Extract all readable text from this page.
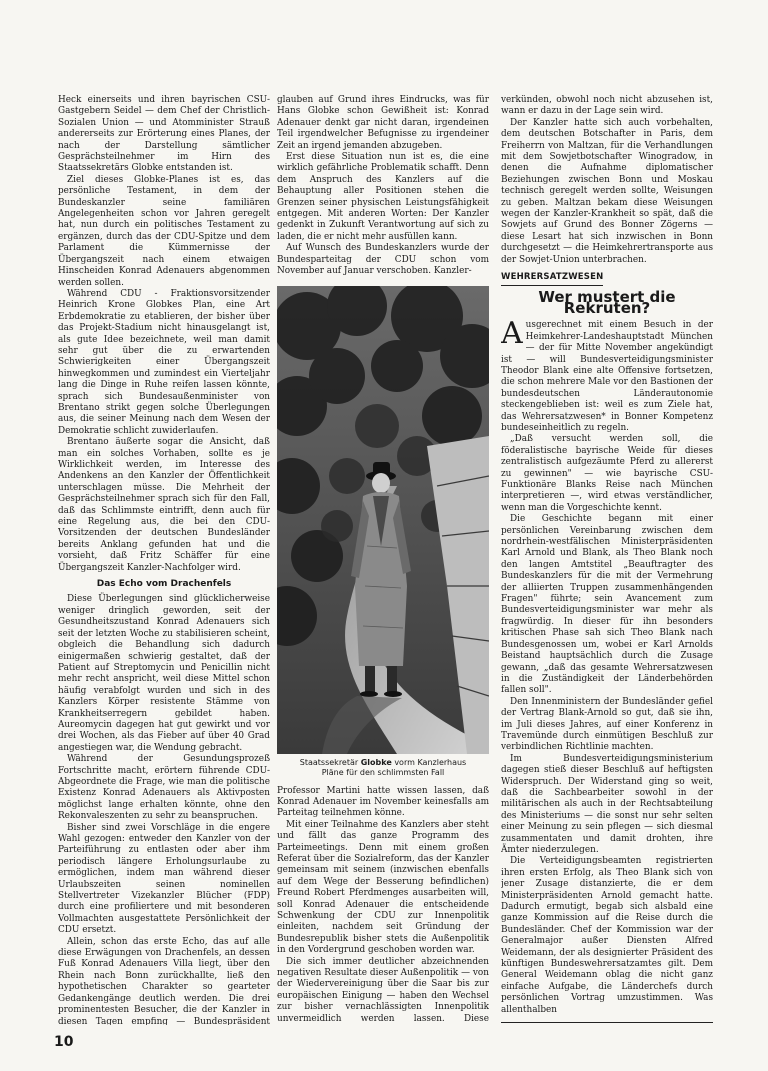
Heck einerseits und ihren bayrischen CSU-Gastgebern Seidel — dem Chef der Christlich-Sozialen Union — und Atomminister Strauß andererseits zur Erörterung eines Planes, der nach der Darstellung sämtlicher Gesprächsteilnehmer im Hirn des Staatssekretärs Globke entstanden ist.

Ziel dieses Globke-Planes ist es, das persönliche Testament, in dem der Bundeskanzler seine familiären Angelegenheiten schon vor Jahren geregelt hat, nun durch ein politisches Testament zu ergänzen, durch das der CDU-Spitze und dem Parlament die Kümmernisse der Übergangszeit nach einem etwaigen Hinscheiden Konrad Adenauers abgenommen werden sollen.

Während CDU - Fraktionsvorsitzender Heinrich Krone Globkes Plan, eine Art Erbdemokratie zu etablieren, der bisher über das Projekt-Stadium nicht hinausgelangt ist, als gute Idee bezeichnete, weil man damit sehr gut über die zu erwartenden Schwierigkeiten einer Übergangszeit hinwegkommen und zumindest ein Vierteljahr lang die Dinge in Ruhe reifen lassen könnte, sprach sich Bundesaußenminister von Brentano strikt gegen solche Überlegungen aus, die seiner Meinung nach dem Wesen der Demokratie schlicht zuwiderlaufen.

Brentano äußerte sogar die Ansicht, daß man ein solches Vorhaben, sollte es je Wirklichkeit werden, im Interesse des Andenkens an den Kanzler der Öffentlichkeit unterschlagen müsse. Die Mehrheit der Gesprächsteilnehmer sprach sich für den Fall, daß das Schlimmste eintrifft, denn auch für eine Regelung aus, die bei den CDU-Vorsitzenden der deutschen Bundesländer bereits Anklang gefunden hat und die vorsieht, daß Fritz Schäffer für eine Übergangszeit Kanzler-Nachfolger wird.

Das Echo vom Drachenfels

Diese Überlegungen sind glücklicherweise weniger dringlich geworden, seit der Gesundheitszustand Konrad Adenauers sich seit der letzten Woche zu stabilisieren scheint, obgleich die Behandlung sich dadurch einigermaßen schwierig gestaltet, daß der Patient auf Streptomycin und Penicillin nicht mehr recht anspricht, weil diese Mittel schon häufig verabfolgt wurden und sich in des Kanzlers Körper resistente Stämme von Krankheitserregern gebildet haben. Aureomycin dagegen hat gut gewirkt und vor drei Wochen, als das Fieber auf über 40 Grad angestiegen war, die Wendung gebracht.

Während der Gesundungsprozeß Fortschritte macht, erörtern führende CDU-Abgeordnete die Frage, wie man die politische Existenz Konrad Adenauers als Aktivposten möglichst lange erhalten könnte, ohne den Rekonvaleszenten zu sehr zu beanspruchen.

Bisher sind zwei Vorschläge in die engere Wahl gezogen: entweder den Kanzler von der Parteiführung zu entlasten oder aber ihm periodisch längere Erholungsurlaube zu ermöglichen, indem man während dieser Urlaubszeiten seinen nominellen Stellvertreter Vizekanzler Blücher (FDP) durch eine profiliertere und mit besonderen Vollmachten ausgestattete Persönlichkeit der CDU ersetzt.

Allein, schon das erste Echo, das auf alle diese Erwägungen von Drachenfels, an dessen Fuß Konrad Adenauers Villa liegt, über den Rhein nach Bonn zurückhallte, ließ den hypothetischen Charakter so gearteter Gedankengänge deutlich werden. Die drei prominentesten Besucher, die der Kanzler in diesen Tagen empfing — Bundespräsident

glauben auf Grund ihres Eindrucks, was für Hans Globke schon Gewißheit ist: Konrad Adenauer denkt gar nicht daran, irgendeinen Teil irgendwelcher Befugnisse zu irgendeiner Zeit an irgend jemanden abzugeben.

Erst diese Situation nun ist es, die eine wirklich gefährliche Problematik schafft. Denn dem Anspruch des Kanzlers auf die Behauptung aller Positionen stehen die Grenzen seiner physischen Leistungsfähigkeit entgegen. Mit anderen Worten: Der Kanzler gedenkt in Zukunft Verantwortung auf sich zu laden, die er nicht mehr ausfüllen kann.

Auf Wunsch des Bundeskanzlers wurde der Bundesparteitag der CDU schon vom November auf Januar verschoben. Kanzler-

Staatssekretär Globke vorm Kanzlerhaus
Pläne für den schlimmsten Fall

Professor Martini hatte wissen lassen, daß Konrad Adenauer im November keinesfalls am Parteitag teilnehmen könne.

Mit einer Teilnahme des Kanzlers aber steht und fällt das ganze Programm des Parteimeetings. Denn mit einem großen Referat über die Sozialreform, das der Kanzler gemeinsam mit seinem (inzwischen ebenfalls auf dem Wege der Besserung befindlichen) Freund Robert Pferdmenges ausarbeiten will, soll Konrad Adenauer die entscheidende Schwenkung der CDU zur Innenpolitik einleiten, nachdem seit Gründung der Bundesrepublik bisher stets die Außenpolitik in den Vordergrund geschoben worden war.

Die sich immer deutlicher abzeichnenden negativen Resultate dieser Außenpolitik — von der Wiedervereinigung über die Saar bis zur europäischen Einigung — haben den Wechsel zur bisher vernachlässigten Innenpolitik unvermeidlich werden lassen. Diese

verkünden, obwohl noch nicht abzusehen ist, wann er dazu in der Lage sein wird.

Der Kanzler hatte sich auch vorbehalten, dem deutschen Botschafter in Paris, dem Freiherrn von Maltzan, für die Verhandlungen mit dem Sowjetbotschafter Winogradow, in denen die Aufnahme diplomatischer Beziehungen zwischen Bonn und Moskau technisch geregelt werden sollte, Weisungen zu geben. Maltzan bekam diese Weisungen wegen der Kanzler-Krankheit so spät, daß die Sowjets auf Grund des Bonner Zögerns — diese Lesart hat sich inzwischen in Bonn durchgesetzt — die Heimkehrertransporte aus der Sowjet-Union unterbrachen.

WEHRERSATZWESEN
Wer mustert die Rekruten?

Ausgerechnet mit einem Besuch in der Heimkehrer-Landeshauptstadt München — der für Mitte November angekündigt ist — will Bundesverteidigungsminister Theodor Blank eine alte Offensive fortsetzen, die schon mehrere Male vor den Bastionen der bundesdeutschen Länderautonomie steckengeblieben ist: weil es zum Ziele hat, das Wehrersatzwesen* in Bonner Kompetenz bundeseinheitlich zu regeln.

„Daß versucht werden soll, die föderalistische bayrische Weide für dieses zentralistisch aufgezäumte Pferd zu allererst zu gewinnen" — wie bayrische CSU-Funktionäre Blanks Reise nach München interpretieren —, wird etwas verständlicher, wenn man die Vorgeschichte kennt.

Die Geschichte begann mit einer persönlichen Vereinbarung zwischen dem nordrhein-westfälischen Ministerpräsidenten Karl Arnold und Blank, als Theo Blank noch den langen Amtstitel „Beauftragter des Bundeskanzlers für die mit der Vermehrung der alliierten Truppen zusammenhängenden Fragen" führte; sein Avancement zum Bundesverteidigungsminister war mehr als fragwürdig. In dieser für ihn besonders kritischen Phase sah sich Theo Blank nach Bundesgenossen um, wobei er Karl Arnolds Beistand hauptsächlich durch die Zusage gewann, „daß das gesamte Wehrersatzwesen in die Zuständigkeit der Länderbehörden fallen soll".

Den Innenministern der Bundesländer gefiel der Vertrag Blank-Arnold so gut, daß sie ihn, im Juli dieses Jahres, auf einer Konferenz in Travemünde durch einmütigen Beschluß zur verbindlichen Richtlinie machten.

Im Bundesverteidigungsministerium dagegen stieß dieser Beschluß auf heftigsten Widerspruch. Der Widerstand ging so weit, daß die Sachbearbeiter sowohl in der militärischen als auch in der Rechtsabteilung des Ministeriums — die sonst nur sehr selten einer Meinung zu sein pflegen — sich diesmal zusammentaten und damit drohten, ihre Ämter niederzulegen.

Die Verteidigungsbeamten registrierten ihren ersten Erfolg, als Theo Blank sich von jener Zusage distanzierte, die er dem Ministerpräsidenten Arnold gemacht hatte. Dadurch ermutigt, begab sich alsbald eine ganze Kommission auf die Reise durch die Bundesländer. Chef der Kommission war der Generalmajor außer Diensten Alfred Weidemann, der als designierter Präsident des künftigen Bundeswehrersatzamtes gilt. Dem General Weidemann oblag die nicht ganz einfache Aufgabe, die Länderchefs durch persönlichen Vortrag umzustimmen. Was allenthalben

10
